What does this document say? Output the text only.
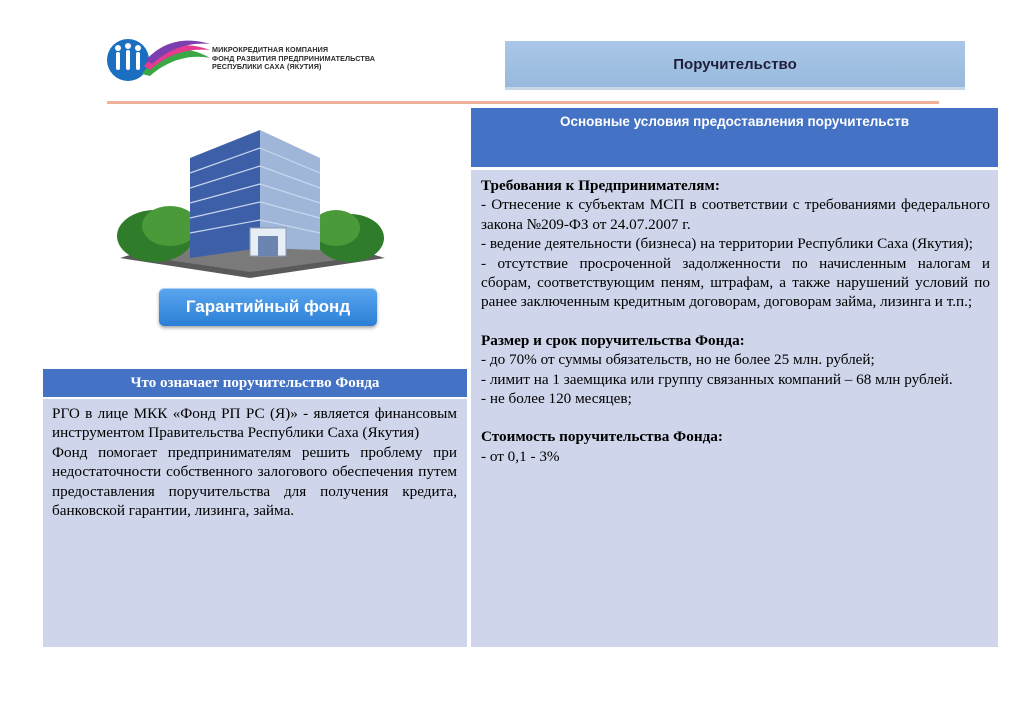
МИКРОКРЕДИТНАЯ КОМПАНИЯ
ФОНД РАЗВИТИЯ ПРЕДПРИНИМАТЕЛЬСТВА
РЕСПУБЛИКИ САХА (ЯКУТИЯ)	Поручительство
Гарантийный фонд
Что означает поручительство Фонда

РГО в лице МКК «Фонд РП РС (Я)» - является финансовым инструментом Правительства Республики Саха (Якутия)

Фонд помогает предпринимателям решить проблему при недостаточности собственного залогового обеспечения путем предоставления поручительства для получения кредита, банковской гарантии, лизинга, займа.

Основные условия предоставления поручительств

Требования к Предпринимателям:

- Отнесение к субъектам МСП в соответствии с требованиями федерального закона №209-ФЗ от 24.07.2007 г.

- ведение деятельности (бизнеса) на территории Республики Саха (Якутия);

- отсутствие просроченной задолженности по начисленным налогам и сборам, соответствующим пеням, штрафам, а также нарушений условий по ранее заключенным кредитным договорам, договорам займа, лизинга и т.п.;

Размер и срок поручительства Фонда:

- до 70% от суммы обязательств, но не более 25 млн. рублей;

- лимит на 1 заемщика или группу связанных компаний – 68 млн рублей.

- не более 120 месяцев;

Стоимость поручительства Фонда:

- от 0,1 - 3%
